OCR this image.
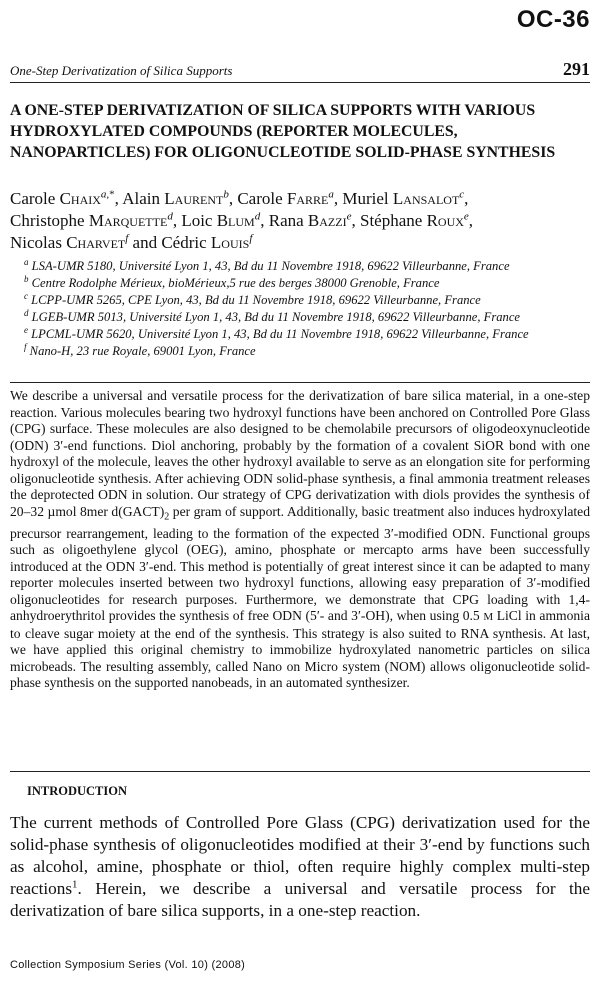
OC-36
One-Step Derivatization of Silica Supports	291
A ONE-STEP DERIVATIZATION OF SILICA SUPPORTS WITH VARIOUS HYDROXYLATED COMPOUNDS (REPORTER MOLECULES, NANOPARTICLES) FOR OLIGONUCLEOTIDE SOLID-PHASE SYNTHESIS
Carole Chaix$^{a,*}$, Alain Laurent$^b$, Carole Farre$^a$, Muriel Lansalot$^c$,
Christophe Marquette$^d$, Loic Blum$^d$, Rana Bazzi$^e$, Stéphane Roux$^e$,
Nicolas Charvet$^f$ and Cédric Louis$^f$
$^a$ LSA-UMR 5180, Université Lyon 1, 43, Bd du 11 Novembre 1918, 69622 Villeurbanne, France
$^b$ Centre Rodolphe Mérieux, bioMérieux,5 rue des berges 38000 Grenoble, France
$^c$ LCPP-UMR 5265, CPE Lyon, 43, Bd du 11 Novembre 1918, 69622 Villeurbanne, France
$^d$ LGEB-UMR 5013, Université Lyon 1, 43, Bd du 11 Novembre 1918, 69622 Villeurbanne, France
$^e$ LPCML-UMR 5620, Université Lyon 1, 43, Bd du 11 Novembre 1918, 69622 Villeurbanne, France
$^f$ Nano-H, 23 rue Royale, 69001 Lyon, France
We describe a universal and versatile process for the derivatization of bare silica material, in a one-step reaction. Various molecules bearing two hydroxyl functions have been anchored on Controlled Pore Glass (CPG) surface. These molecules are also designed to be chemolabile precursors of oligodeoxynucleotide (ODN) 3′-end functions. Diol anchoring, probably by the formation of a covalent SiOR bond with one hydroxyl of the molecule, leaves the other hydroxyl available to serve as an elongation site for performing oligonucleotide synthesis. After achieving ODN solid-phase synthesis, a final ammonia treatment releases the deprotected ODN in solution. Our strategy of CPG derivatization with diols provides the synthesis of 20–32 µmol 8mer $d(GACT)_2$ per gram of support. Additionally, basic treatment also induces hydroxylated precursor rearrangement, leading to the formation of the expected 3′-modified ODN. Functional groups such as oligoethylene glycol (OEG), amino, phosphate or mercapto arms have been successfully introduced at the ODN 3′-end. This method is potentially of great interest since it can be adapted to many reporter molecules inserted between two hydroxyl functions, allowing easy preparation of 3′-modified oligonucleotides for research purposes. Furthermore, we demonstrate that CPG loading with 1,4-anhydroerythritol provides the synthesis of free ODN (5′- and 3′-OH), when using 0.5 M LiCl in ammonia to cleave sugar moiety at the end of the synthesis. This strategy is also suited to RNA synthesis. At last, we have applied this original chemistry to immobilize hydroxylated nanometric particles on silica microbeads. The resulting assembly, called Nano on Micro system (NOM) allows oligonucleotide solid-phase synthesis on the supported nanobeads, in an automated synthesizer.
INTRODUCTION
The current methods of Controlled Pore Glass (CPG) derivatization used for the solid-phase synthesis of oligonucleotides modified at their 3′-end by functions such as alcohol, amine, phosphate or thiol, often require highly complex multi-step reactions$^1$. Herein, we describe a universal and versatile process for the derivatization of bare silica supports, in a one-step reaction.
Collection Symposium Series (Vol. 10) (2008)
